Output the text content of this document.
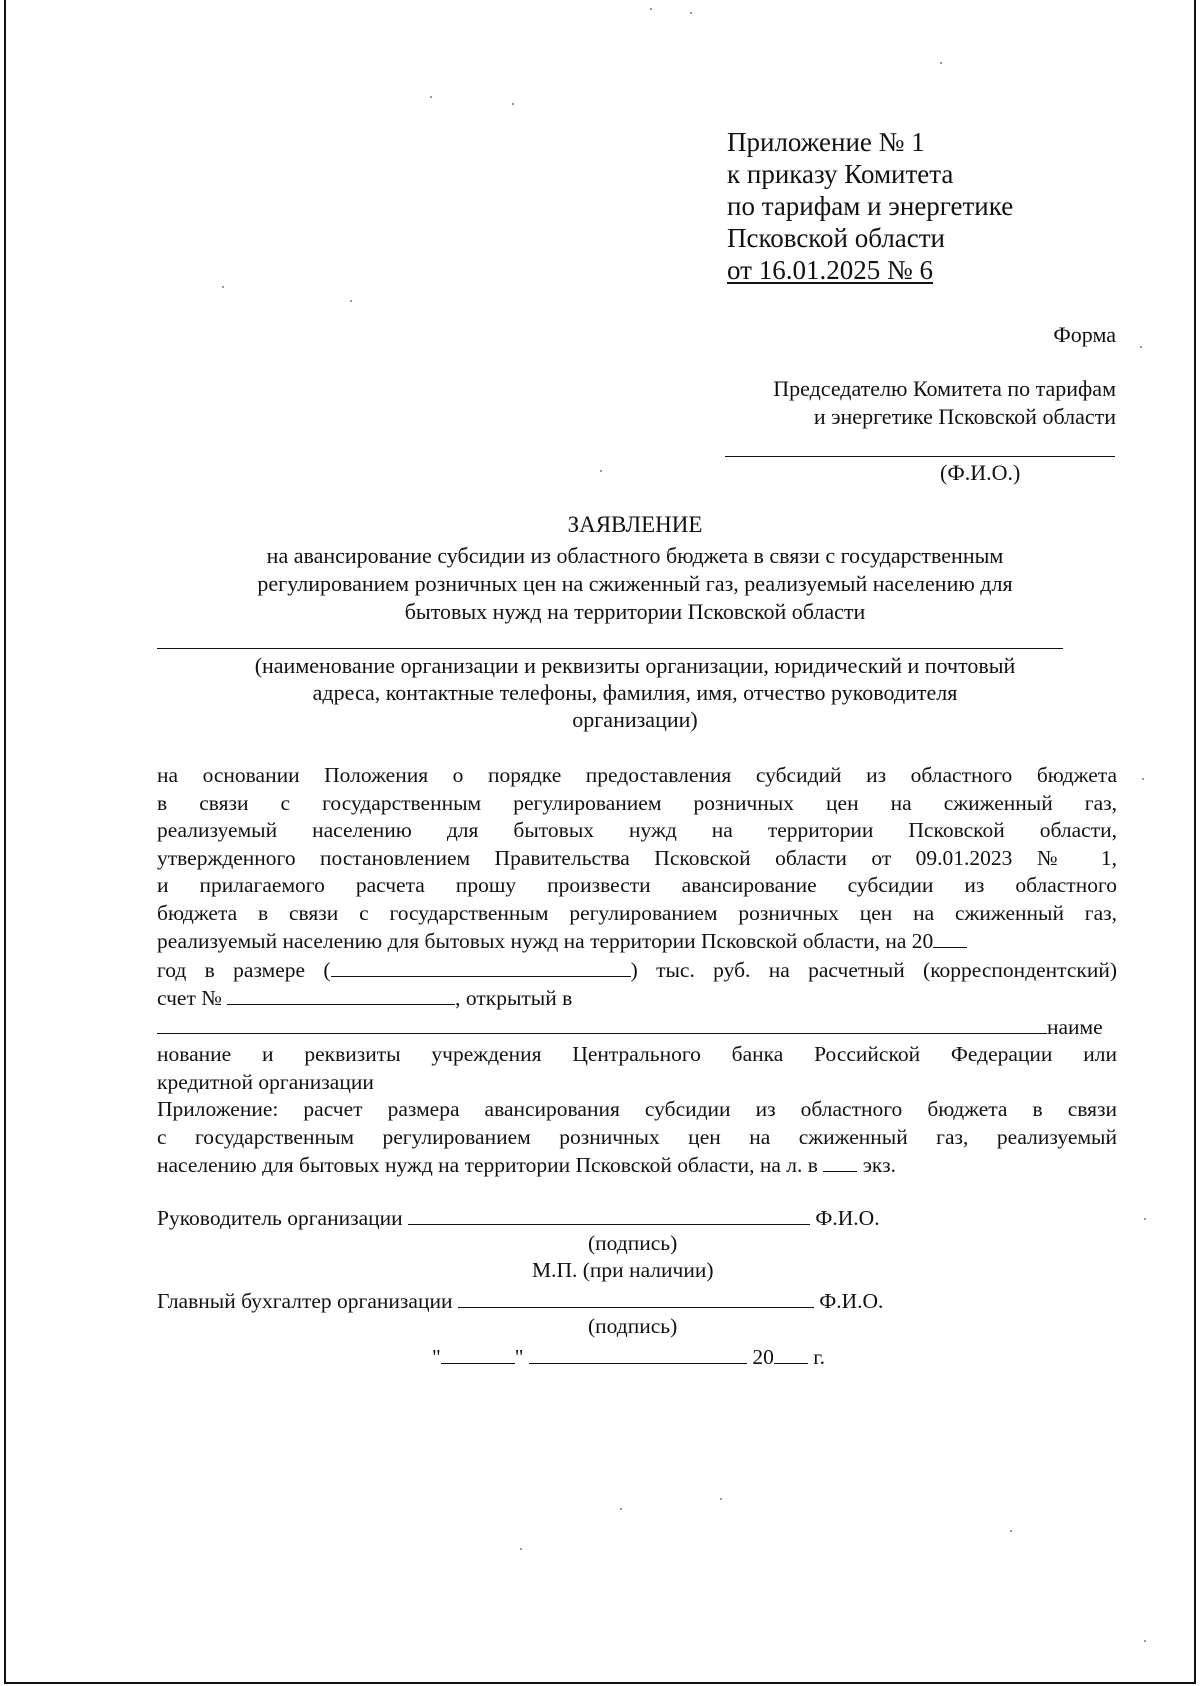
Приложение № 1
к приказу Комитета
по тарифам и энергетике
Псковской области
от 16.01.2025 № 6
Форма
Председателю Комитета по тарифам
и энергетике Псковской области
(Ф.И.О.)
ЗАЯВЛЕНИЕ
на авансирование субсидии из областного бюджета в связи с государственным
регулированием розничных цен на сжиженный газ, реализуемый населению для
бытовых нужд на территории Псковской области
(наименование организации и реквизиты организации, юридический и почтовый
адреса, контактные телефоны, фамилия, имя, отчество руководителя
организации)
на основании Положения о порядке предоставления субсидий из областного бюджета
в связи с государственным регулированием розничных цен на сжиженный газ,
реализуемый населению для бытовых нужд на территории Псковской области,
утвержденного постановлением Правительства Псковской области от 09.01.2023 № 1,
и прилагаемого расчета прошу произвести авансирование субсидии из областного
бюджета в связи с государственным регулированием розничных цен на сжиженный газ,
реализуемый населению для бытовых нужд на территории Псковской области, на 20
год в размере (	) тыс. руб. на расчетный (корреспондентский)
счет №	, открытый в
наиме
нование и реквизиты учреждения Центрального банка Российской Федерации или
кредитной организации
Приложение: расчет размера авансирования субсидии из областного бюджета в связи
с государственным регулированием розничных цен на сжиженный газ, реализуемый
населению для бытовых нужд на территории Псковской области, на л. в экз.
Руководитель организации	Ф.И.О.
(подпись)
М.П. (при наличии)
Главный бухгалтер организации	Ф.И.О.
(подпись)
"	"	20 г.
